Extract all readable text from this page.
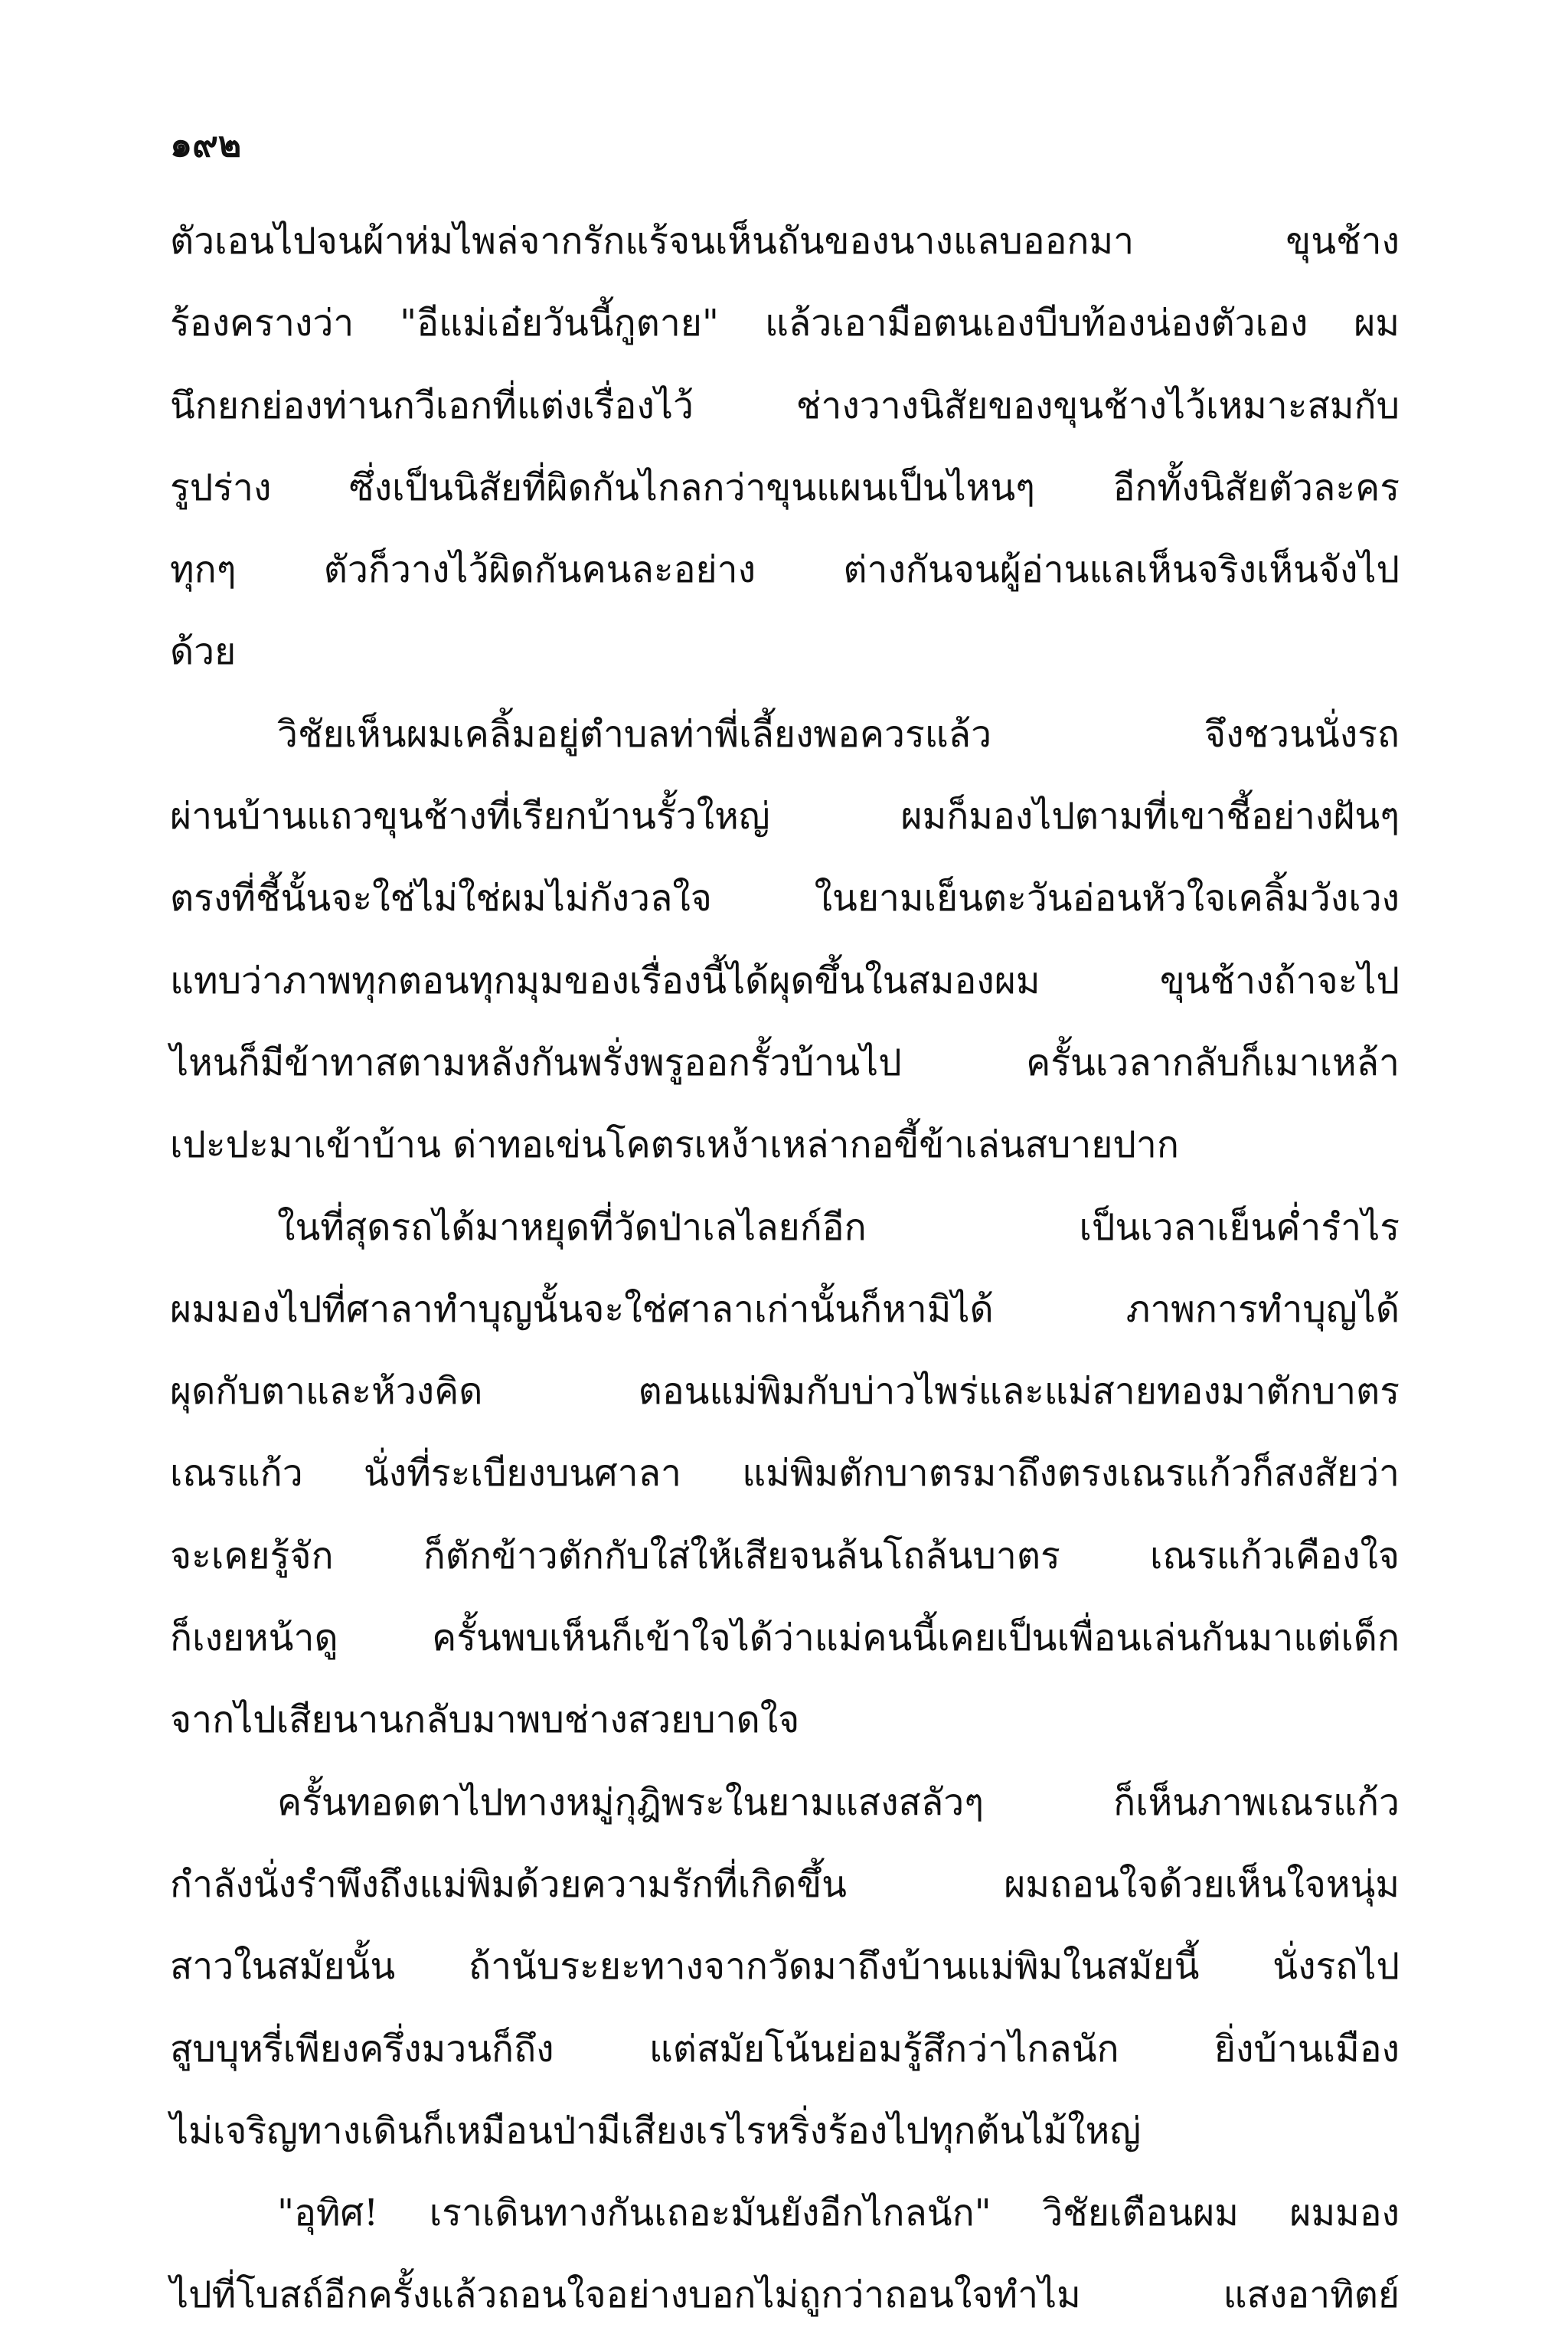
๑๙๒
ตัวเอนไปจนผ้าห่มไพล่จากรักแร้จนเห็นถันของนางแลบออกมา ขุนช้าง
ร้องครางว่า "อีแม่เอ๋ยวันนี้กูตาย" แล้วเอามือตนเองบีบท้องน่องตัวเอง ผม
นึกยกย่องท่านกวีเอกที่แต่งเรื่องไว้ ช่างวางนิสัยของขุนช้างไว้เหมาะสมกับ
รูปร่าง ซึ่งเป็นนิสัยที่ผิดกันไกลกว่าขุนแผนเป็นไหนๆ อีกทั้งนิสัยตัวละคร
ทุกๆ ตัวก็วางไว้ผิดกันคนละอย่าง ต่างกันจนผู้อ่านแลเห็นจริงเห็นจังไป
ด้วย
วิชัยเห็นผมเคลิ้มอยู่ตำบลท่าพี่เลี้ยงพอควรแล้ว จึงชวนนั่งรถ
ผ่านบ้านแถวขุนช้างที่เรียกบ้านรั้วใหญ่ ผมก็มองไปตามที่เขาชี้อย่างฝันๆ
ตรงที่ชี้นั้นจะใช่ไม่ใช่ผมไม่กังวลใจ ในยามเย็นตะวันอ่อนหัวใจเคลิ้มวังเวง
แทบว่าภาพทุกตอนทุกมุมของเรื่องนี้ได้ผุดขึ้นในสมองผม ขุนช้างถ้าจะไป
ไหนก็มีข้าทาสตามหลังกันพรั่งพรูออกรั้วบ้านไป ครั้นเวลากลับก็เมาเหล้า
เปะปะมาเข้าบ้าน ด่าทอเข่นโคตรเหง้าเหล่ากอขี้ข้าเล่นสบายปาก
ในที่สุดรถได้มาหยุดที่วัดป่าเลไลยก์อีก เป็นเวลาเย็นค่ำรำไร
ผมมองไปที่ศาลาทำบุญนั้นจะใช่ศาลาเก่านั้นก็หามิได้ ภาพการทำบุญได้
ผุดกับตาและห้วงคิด ตอนแม่พิมกับบ่าวไพร่และแม่สายทองมาตักบาตร
เณรแก้ว นั่งที่ระเบียงบนศาลา แม่พิมตักบาตรมาถึงตรงเณรแก้วก็สงสัยว่า
จะเคยรู้จัก ก็ตักข้าวตักกับใส่ให้เสียจนล้นโถล้นบาตร เณรแก้วเคืองใจ
ก็เงยหน้าดู ครั้นพบเห็นก็เข้าใจได้ว่าแม่คนนี้เคยเป็นเพื่อนเล่นกันมาแต่เด็ก
จากไปเสียนานกลับมาพบช่างสวยบาดใจ
ครั้นทอดตาไปทางหมู่กุฎิพระในยามแสงสลัวๆ ก็เห็นภาพเณรแก้ว
กำลังนั่งรำพึงถึงแม่พิมด้วยความรักที่เกิดขึ้น ผมถอนใจด้วยเห็นใจหนุ่ม
สาวในสมัยนั้น ถ้านับระยะทางจากวัดมาถึงบ้านแม่พิมในสมัยนี้ นั่งรถไป
สูบบุหรี่เพียงครึ่งมวนก็ถึง แต่สมัยโน้นย่อมรู้สึกว่าไกลนัก ยิ่งบ้านเมือง
ไม่เจริญทางเดินก็เหมือนป่ามีเสียงเรไรหริ่งร้องไปทุกต้นไม้ใหญ่
"อุทิศ! เราเดินทางกันเถอะมันยังอีกไกลนัก" วิชัยเตือนผม ผมมอง
ไปที่โบสถ์อีกครั้งแล้วถอนใจอย่างบอกไม่ถูกว่าถอนใจทำไม แสงอาทิตย์
